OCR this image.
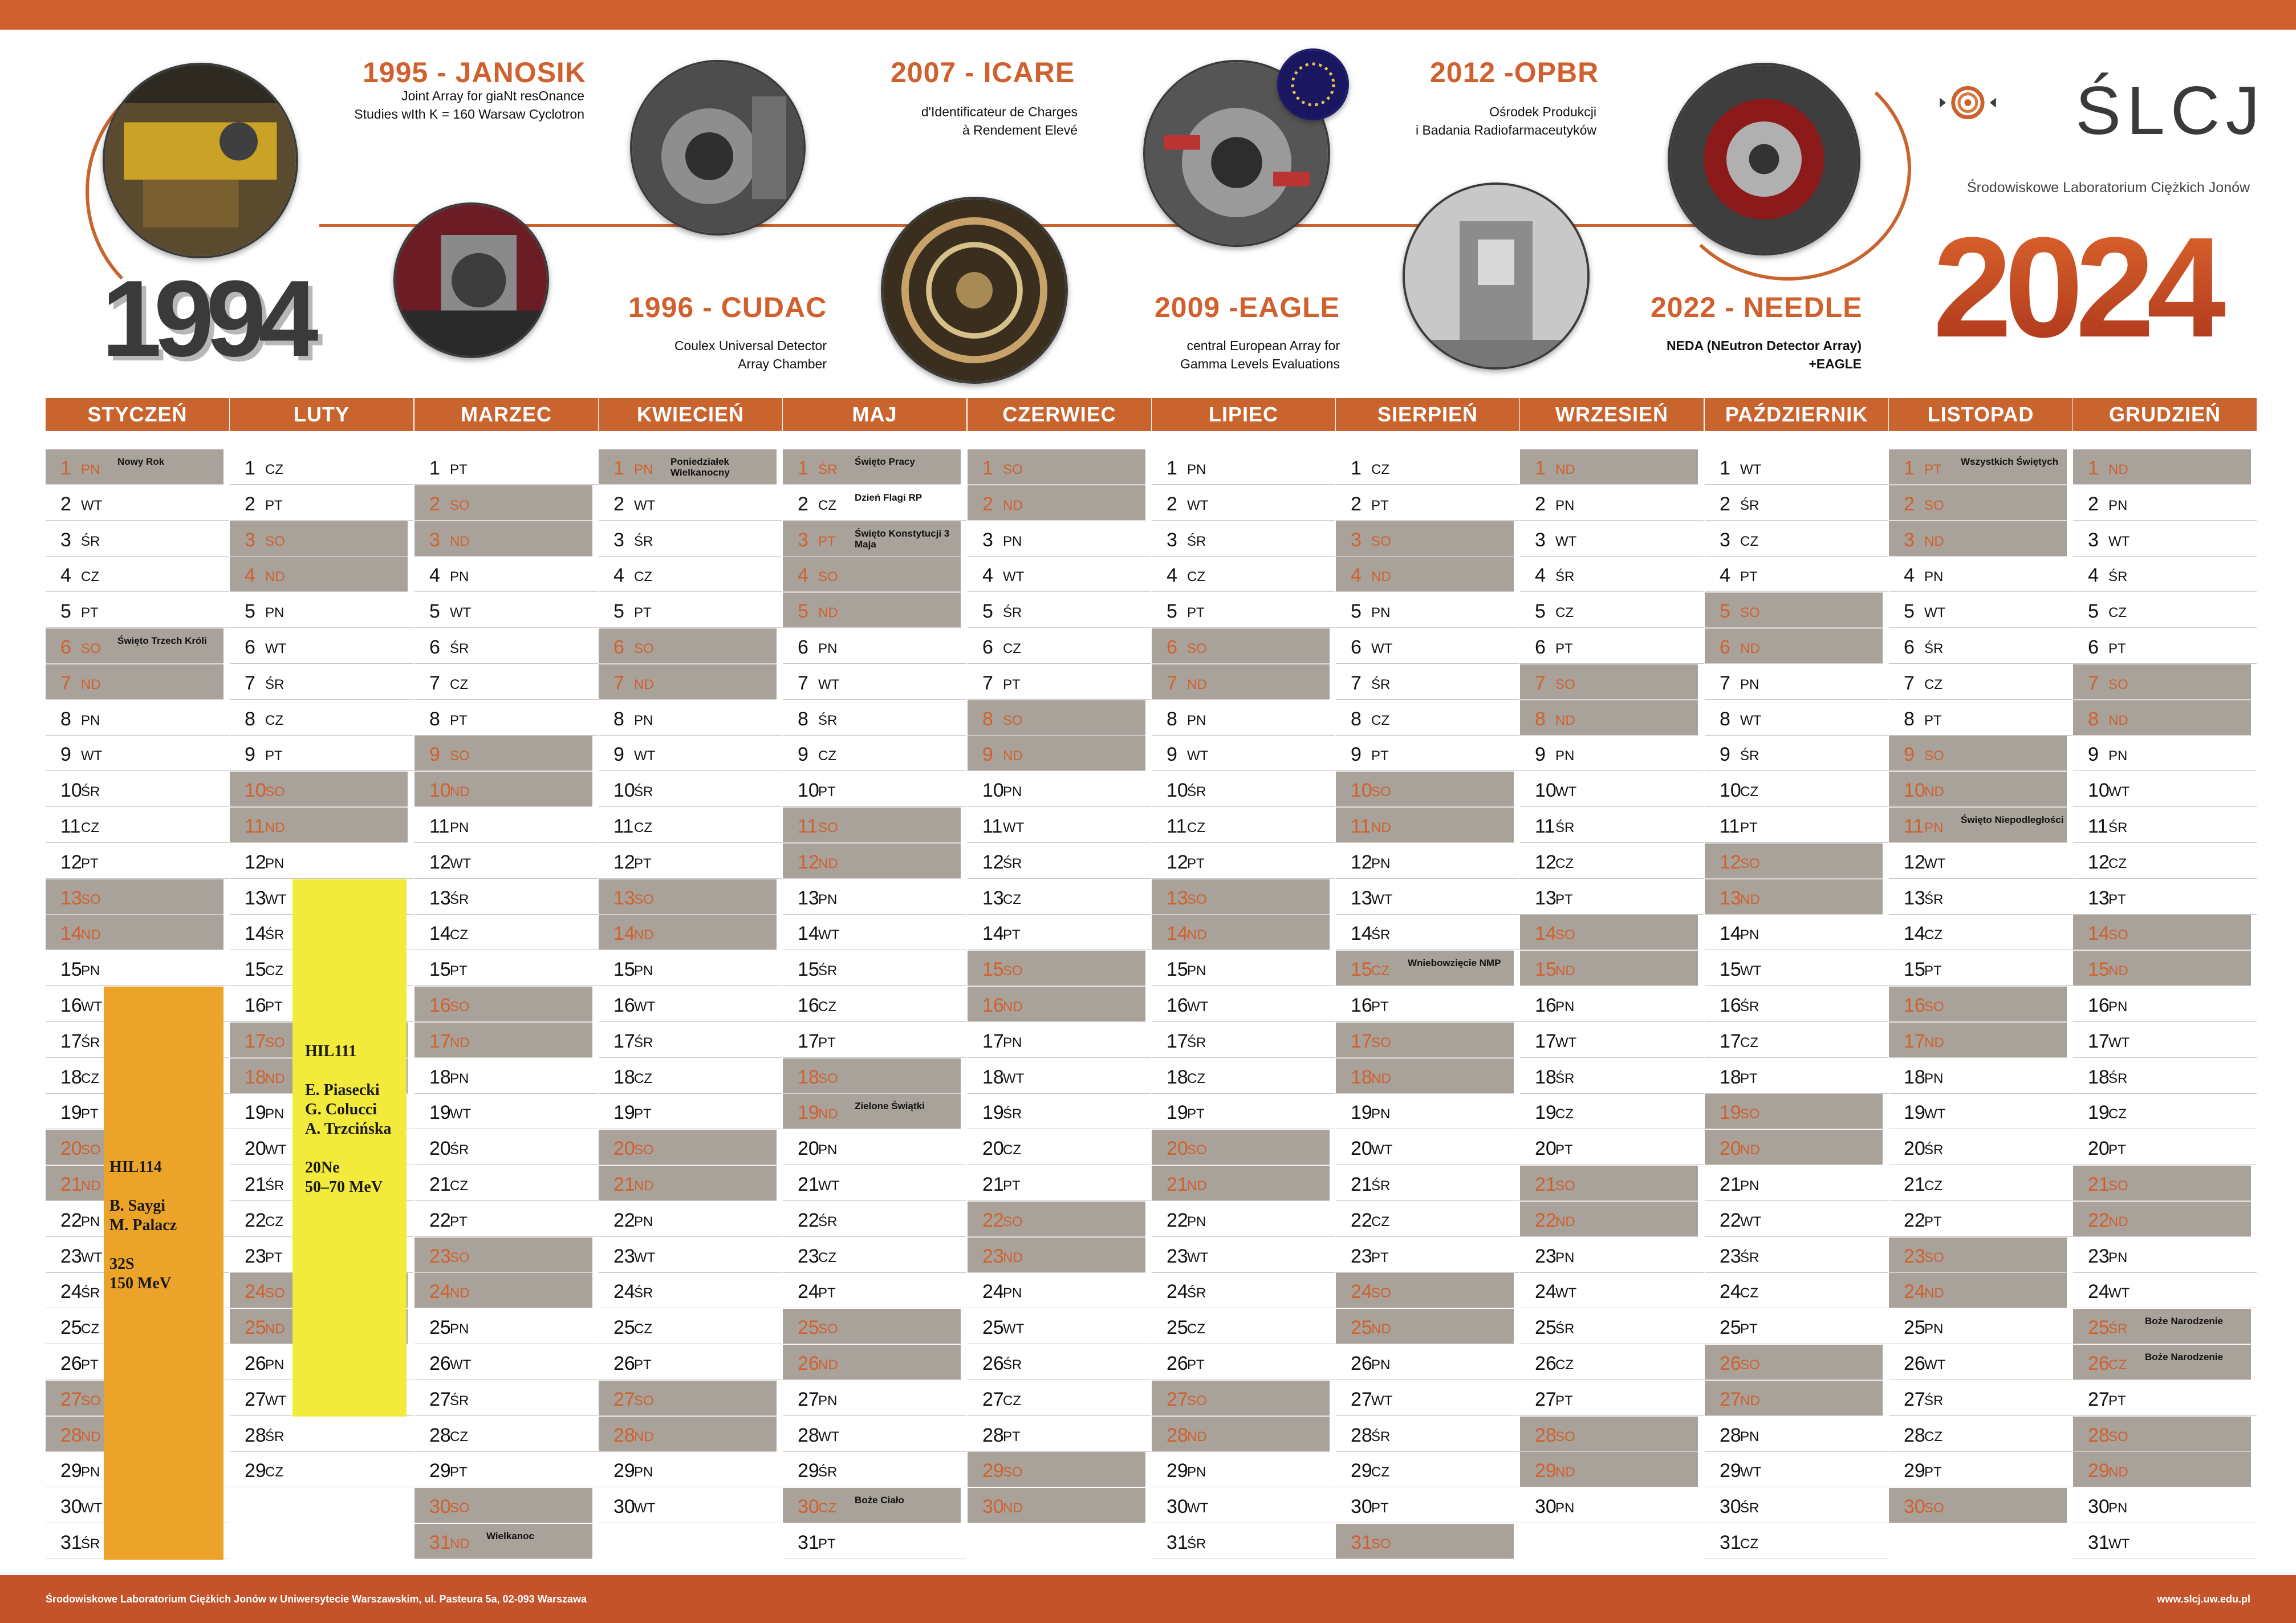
1995 - JANOSIK
Joint Array for giaNt resOnance
Studies wIth K = 160 Warsaw Cyclotron
1996 - CUDAC
Coulex Universal Detector
Array Chamber
2007 - ICARE
d'Identificateur de Charges
à Rendement Elevé
2009 -EAGLE
central European Array for
Gamma Levels Evaluations
2012 -OPBR
Ośrodek Produkcji
i Badania Radiofarmaceutyków
2022 - NEEDLE
NEDA (NEutron Detector Array)
+EAGLE
1994
ŚLCJ
Środowiskowe Laboratorium Ciężkich Jonów
2024
STYCZEŃ
1 PN
Nowy Rok
2 WT
3 ŚR
4 CZ
5 PT
6 SO
Święto Trzech Króli
7 ND
8 PN
9 WT
10
ŚR
11 CZ
12
PT
13
SO
14
ND
15
PN
16
WT
17
ŚR
18
CZ
19
PT
20
SO
21
ND
22
PN
23
WT
24
ŚR
25
CZ
26
PT
27
SO
28
ND
29
PN
30
WT
31
ŚR
LUTY
1 CZ
2 PT
3 SO
4 ND
5 PN
6 WT
7 ŚR
8 CZ
9 PT
10
SO
11 ND
12
PN
13
WT
14
ŚR
15
CZ
16
PT
17
SO
18
ND
19
PN
20
WT
21
ŚR
22
CZ
23
PT
24
SO
25
ND
26
PN
27
WT
28
ŚR
29
CZ
MARZEC
1 PT
2 SO
3 ND
4 PN
5 WT
6 ŚR
7 CZ
8 PT
9 SO
10
ND
11 PN
12
WT
13
ŚR
14
CZ
15
PT
16
SO
17
ND
18
PN
19
WT
20
ŚR
21
CZ
22
PT
23
SO
24
ND
25
PN
26
WT
27
ŚR
28
CZ
29
PT
30
SO
31
ND
Wielkanoc
KWIECIEŃ
1 PN
Poniedziałek Wielkanocny
2 WT
3 ŚR
4 CZ
5 PT
6 SO
7 ND
8 PN
9 WT
10
ŚR
11 CZ
12
PT
13
SO
14
ND
15
PN
16
WT
17
ŚR
18
CZ
19
PT
20
SO
21
ND
22
PN
23
WT
24
ŚR
25
CZ
26
PT
27
SO
28
ND
29
PN
30
WT
MAJ
1 ŚR
Święto Pracy
2 CZ
Dzień Flagi RP
3 PT
Święto Konstytucji 3 Maja
4 SO
5 ND
6 PN
7 WT
8 ŚR
9 CZ
10
PT
11 SO
12
ND
13
PN
14
WT
15
ŚR
16
CZ
17
PT
18
SO
19
ND
Zielone Świątki
20
PN
21
WT
22
ŚR
23
CZ
24
PT
25
SO
26
ND
27
PN
28
WT
29
ŚR
30
CZ
Boże Ciało
31
PT
CZERWIEC
1 SO
2 ND
3 PN
4 WT
5 ŚR
6 CZ
7 PT
8 SO
9 ND
10
PN
11 WT
12
ŚR
13
CZ
14
PT
15
SO
16
ND
17
PN
18
WT
19
ŚR
20
CZ
21
PT
22
SO
23
ND
24
PN
25
WT
26
ŚR
27
CZ
28
PT
29
SO
30
ND
LIPIEC
1 PN
2 WT
3 ŚR
4 CZ
5 PT
6 SO
7 ND
8 PN
9 WT
10
ŚR
11 CZ
12
PT
13
SO
14
ND
15
PN
16
WT
17
ŚR
18
CZ
19
PT
20
SO
21
ND
22
PN
23
WT
24
ŚR
25
CZ
26
PT
27
SO
28
ND
29
PN
30
WT
31
ŚR
SIERPIEŃ
1 CZ
2 PT
3 SO
4 ND
5 PN
6 WT
7 ŚR
8 CZ
9 PT
10
SO
11 ND
12
PN
13
WT
14
ŚR
15
CZ
Wniebowzięcie NMP
16
PT
17
SO
18
ND
19
PN
20
WT
21
ŚR
22
CZ
23
PT
24
SO
25
ND
26
PN
27
WT
28
ŚR
29
CZ
30
PT
31
SO
WRZESIEŃ
1 ND
2 PN
3 WT
4 ŚR
5 CZ
6 PT
7 SO
8 ND
9 PN
10
WT
11 ŚR
12
CZ
13
PT
14
SO
15
ND
16
PN
17
WT
18
ŚR
19
CZ
20
PT
21
SO
22
ND
23
PN
24
WT
25
ŚR
26
CZ
27
PT
28
SO
29
ND
30
PN
PAŹDZIERNIK
1 WT
2 ŚR
3 CZ
4 PT
5 SO
6 ND
7 PN
8 WT
9 ŚR
10
CZ
11 PT
12
SO
13
ND
14
PN
15
WT
16
ŚR
17
CZ
18
PT
19
SO
20
ND
21
PN
22
WT
23
ŚR
24
CZ
25
PT
26
SO
27
ND
28
PN
29
WT
30
ŚR
31
CZ
LISTOPAD
1 PT
Wszystkich Świętych
2 SO
3 ND
4 PN
5 WT
6 ŚR
7 CZ
8 PT
9 SO
10
ND
11 PN
Święto Niepodległości
12
WT
13
ŚR
14
CZ
15
PT
16
SO
17
ND
18
PN
19
WT
20
ŚR
21
CZ
22
PT
23
SO
24
ND
25
PN
26
WT
27
ŚR
28
CZ
29
PT
30
SO
GRUDZIEŃ
1 ND
2 PN
3 WT
4 ŚR
5 CZ
6 PT
7 SO
8 ND
9 PN
10
WT
11 ŚR
12
CZ
13
PT
14
SO
15
ND
16
PN
17
WT
18
ŚR
19
CZ
20
PT
21
SO
22
ND
23
PN
24
WT
25
ŚR
Boże Narodzenie
26
CZ
Boże Narodzenie
27
PT
28
SO
29
ND
30
PN
31
WT
HIL114

B. Saygi
M. Palacz

32S
150 MeV
HIL111

E. Piasecki
G. Colucci
A. Trzcińska

20Ne
50–70 MeV
Środowiskowe Laboratorium Ciężkich Jonów w Uniwersytecie Warszawskim, ul. Pasteura 5a, 02-093 Warszawa	www.slcj.uw.edu.pl
